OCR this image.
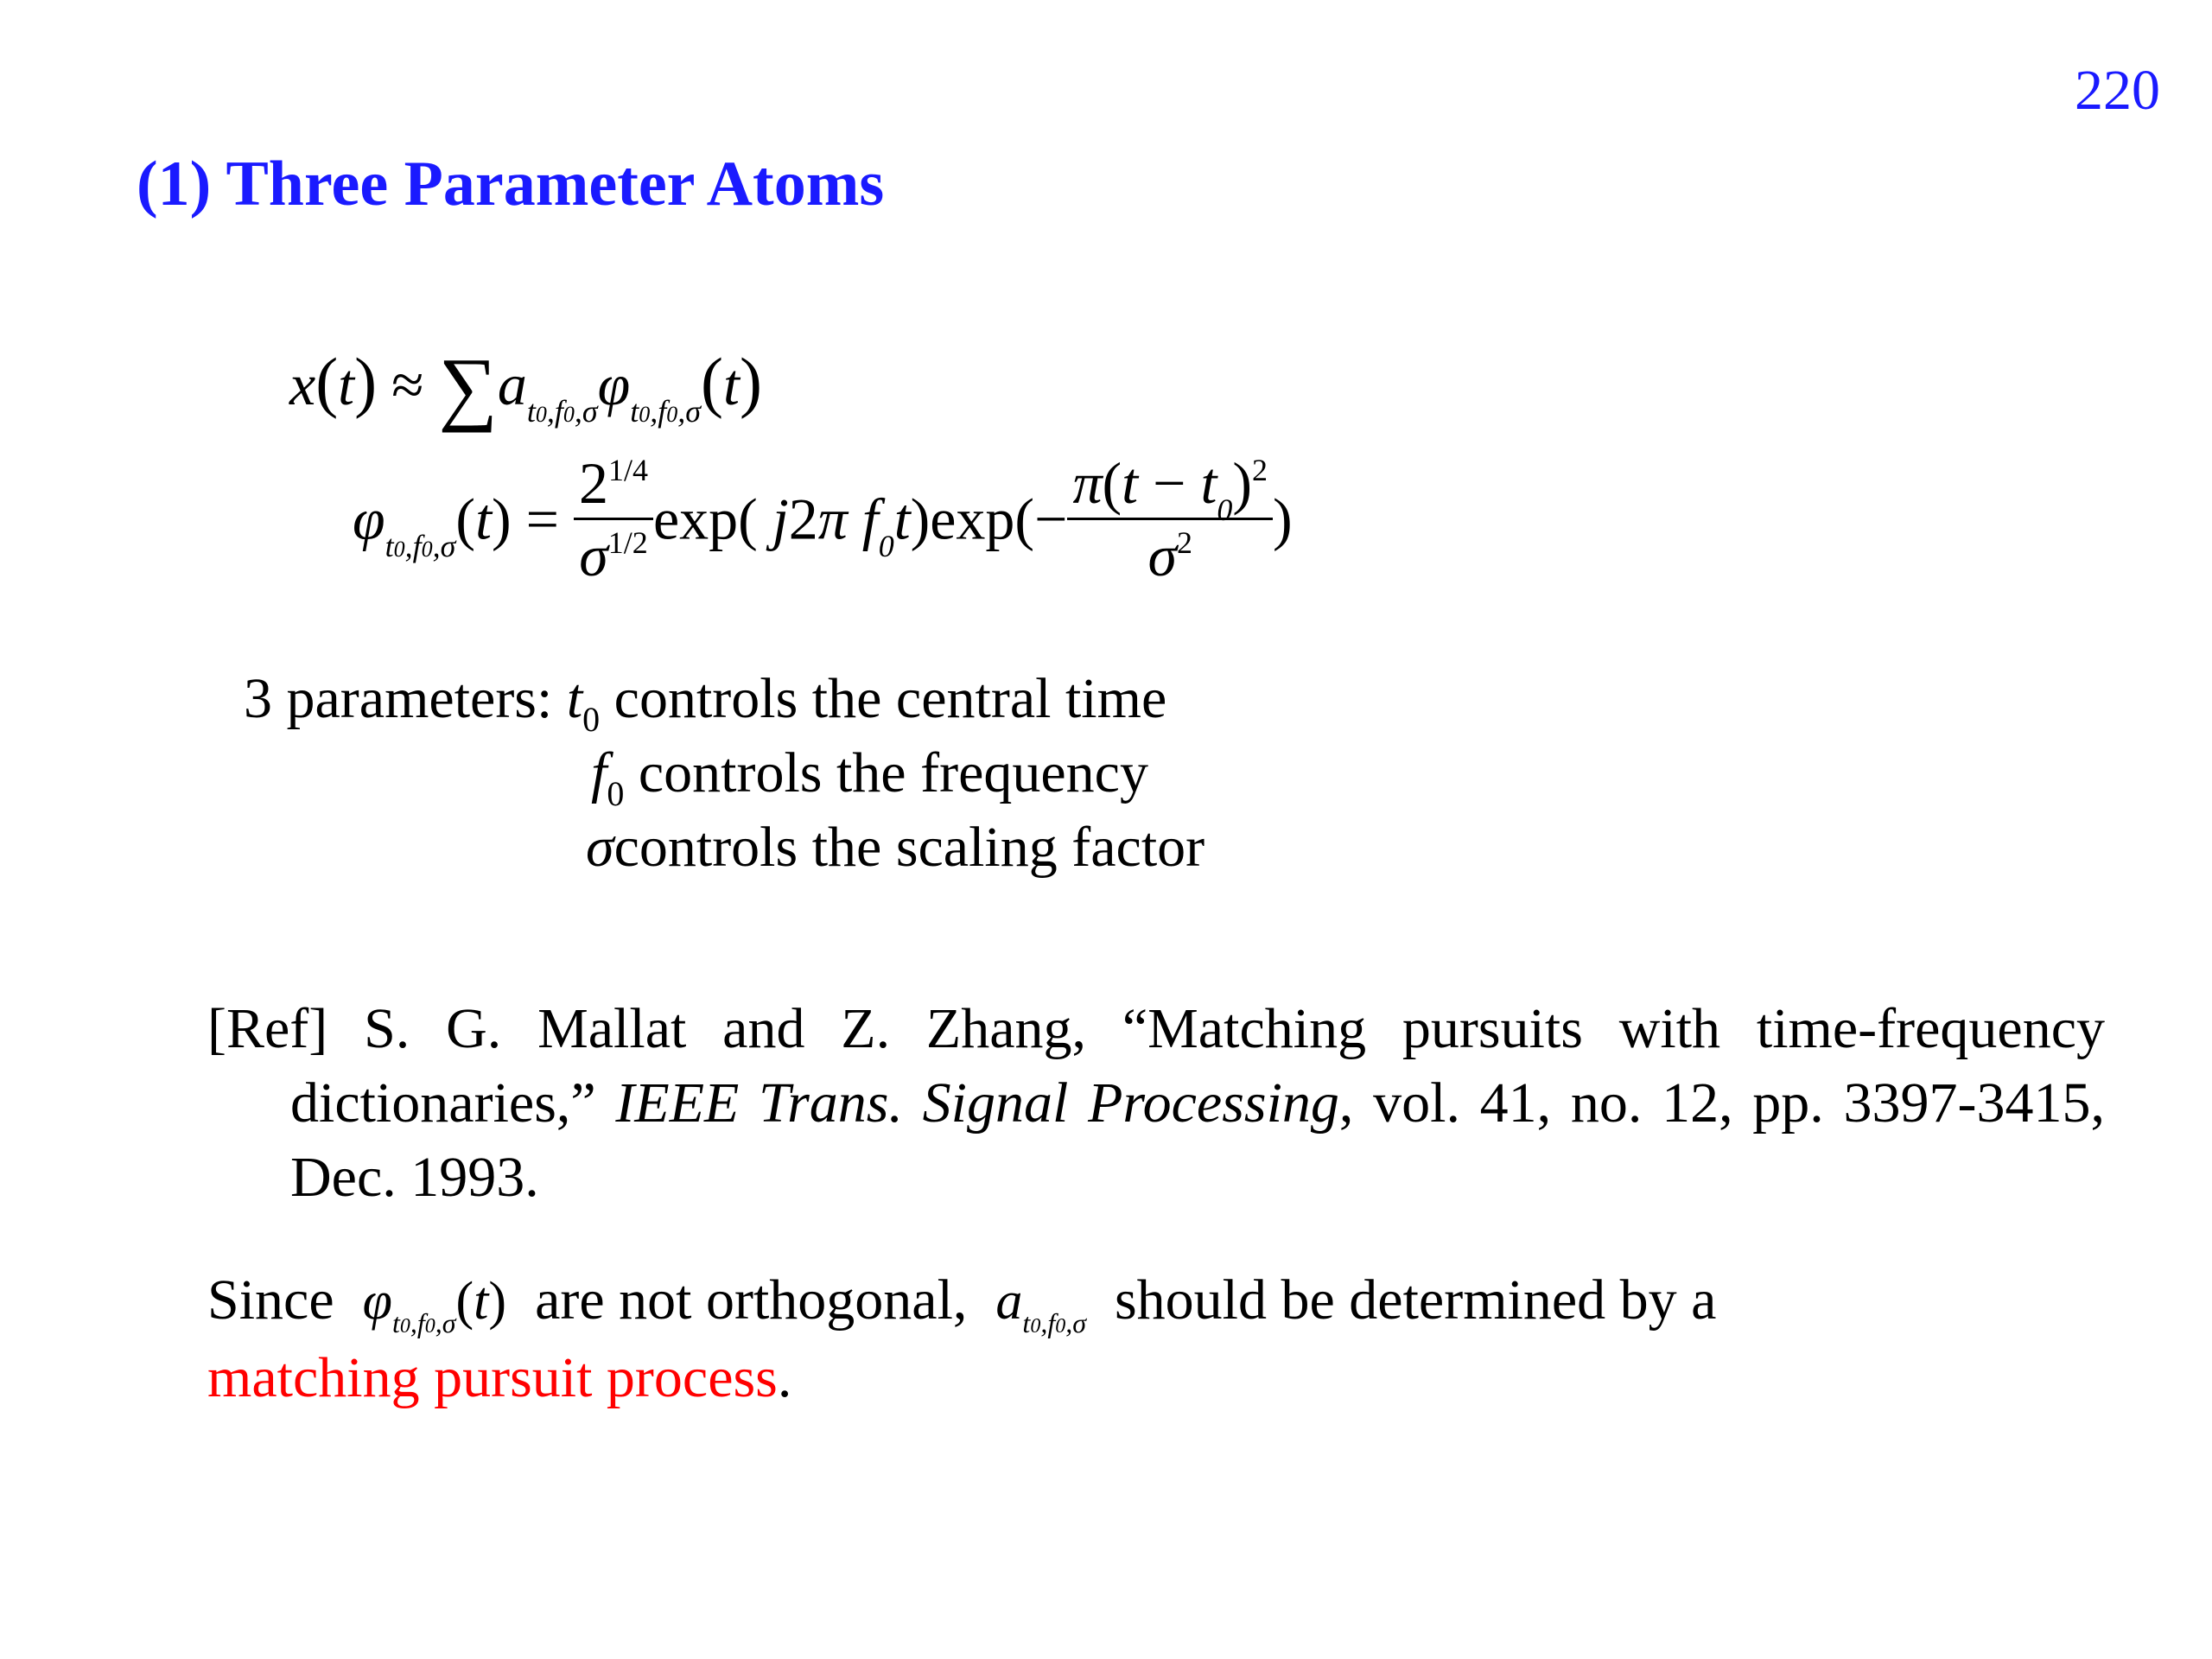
220
(1) Three Parameter Atoms
$x(t) \approx \sum a_{t0,f0,\sigma}\varphi_{t0,f0,\sigma}(t)$
$\varphi_{t0,f0,\sigma}(t) = \frac{2^{1/4}}{\sigma^{1/2}} \exp$( j2π $f_0t)\exp(- \frac{\pi(t - t_0)^2}{\sigma^2}$ )
3 parameters: $t_0$ controls the central time
$f_0$ controls the frequency
σcontrols the scaling factor
[Ref] S. G. Mallat and Z. Zhang, “Matching pursuits with time-frequency dictionaries,” IEEE Trans. Signal Processing, vol. 41, no. 12, pp. 3397-3415, Dec. 1993.
Since $\varphi_{t0,f0,\sigma}(t)$ are not orthogonal, $a_{t0,f0,\sigma}$ should be determined by a
matching pursuit process.
